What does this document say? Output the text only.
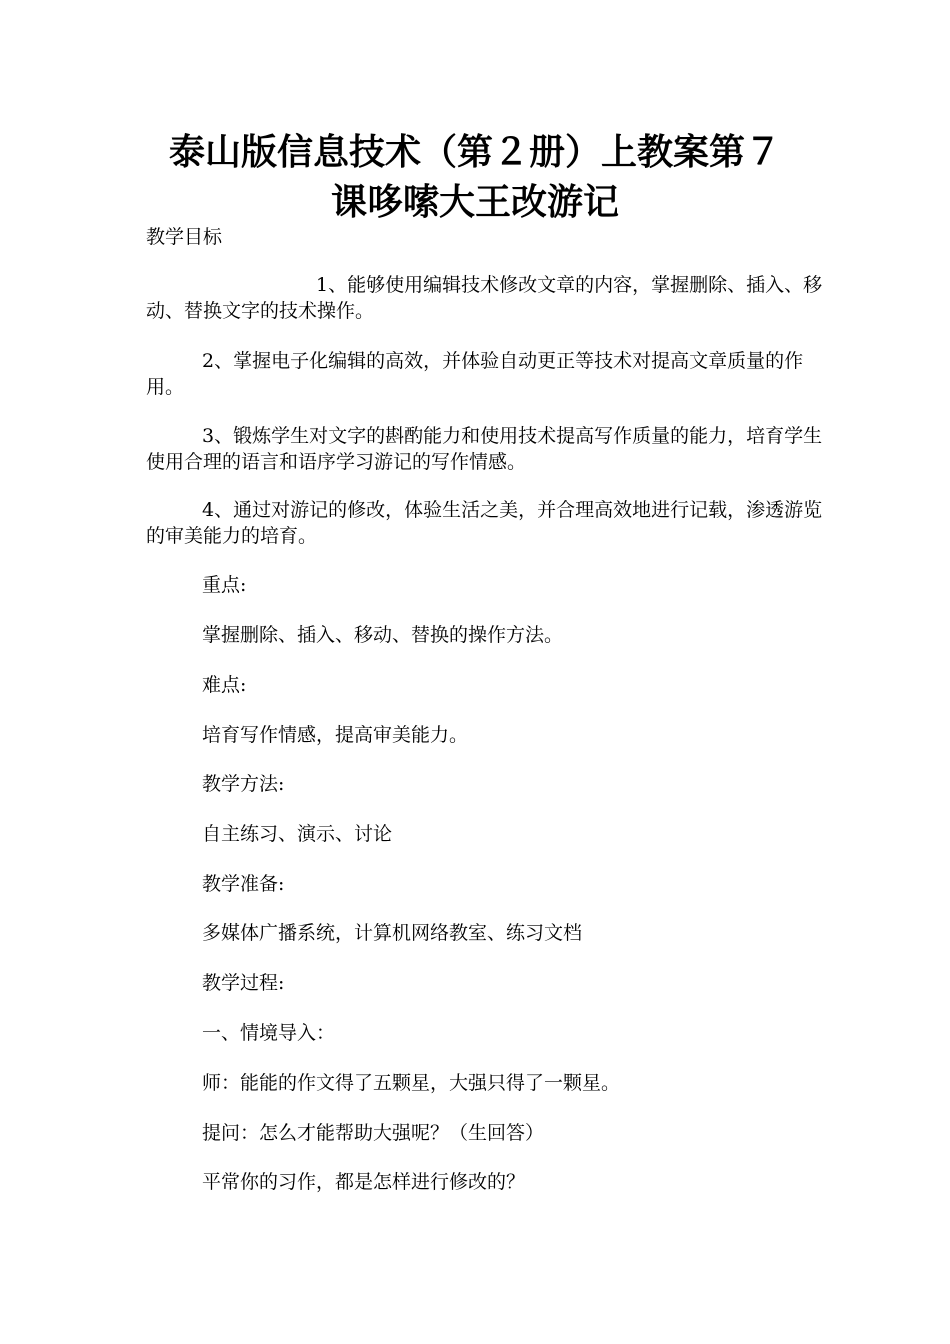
泰山版信息技术（第２册）上教案第７
课哆嗦大王改游记

教学目标

1、能够使用编辑技术修改文章的内容，掌握删除、插入、移动、替换文字的技术操作。

2、掌握电子化编辑的高效，并体验自动更正等技术对提高文章质量的作用。

3、锻炼学生对文字的斟酌能力和使用技术提高写作质量的能力，培育学生使用合理的语言和语序学习游记的写作情感。

4、通过对游记的修改，体验生活之美，并合理高效地进行记载，渗透游览的审美能力的培育。

重点:

掌握删除、插入、移动、替换的操作方法。

难点:

培育写作情感，提高审美能力。

教学方法:

自主练习、演示、讨论

教学准备:

多媒体广播系统，计算机网络教室、练习文档

教学过程:

一、情境导入：

师：能能的作文得了五颗星，大强只得了一颗星。

提问：怎么才能帮助大强呢？（生回答）

平常你的习作，都是怎样进行修改的？
